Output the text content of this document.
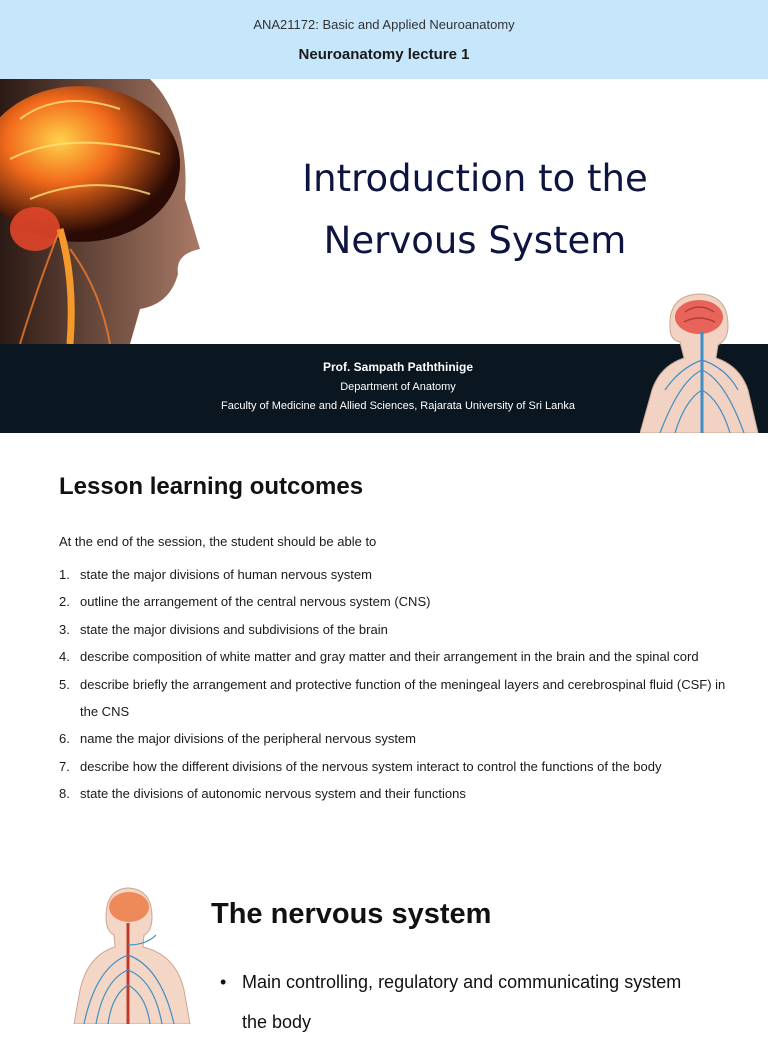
ANA21172: Basic and Applied Neuroanatomy
Neuroanatomy lecture 1
Introduction to the
Nervous System
Prof. Sampath Paththinige
Department of Anatomy
Faculty of Medicine and Allied Sciences, Rajarata University of Sri Lanka
Lesson learning outcomes
At the end of the session, the student should be able to
1. state the major divisions of human nervous system
2. outline the arrangement of the central nervous system (CNS)
3. state the major divisions and subdivisions of the brain
4. describe composition of white matter and gray matter and their arrangement in the brain and the spinal cord
5. describe briefly the arrangement and protective function of the meningeal layers and cerebrospinal fluid (CSF) in the CNS
6. name the major divisions of the peripheral nervous system
7. describe how the different divisions of the nervous system interact to control the functions of the body
8. state the divisions of autonomic nervous system and their functions
The nervous system
• Main controlling, regulatory and communicating system the body
